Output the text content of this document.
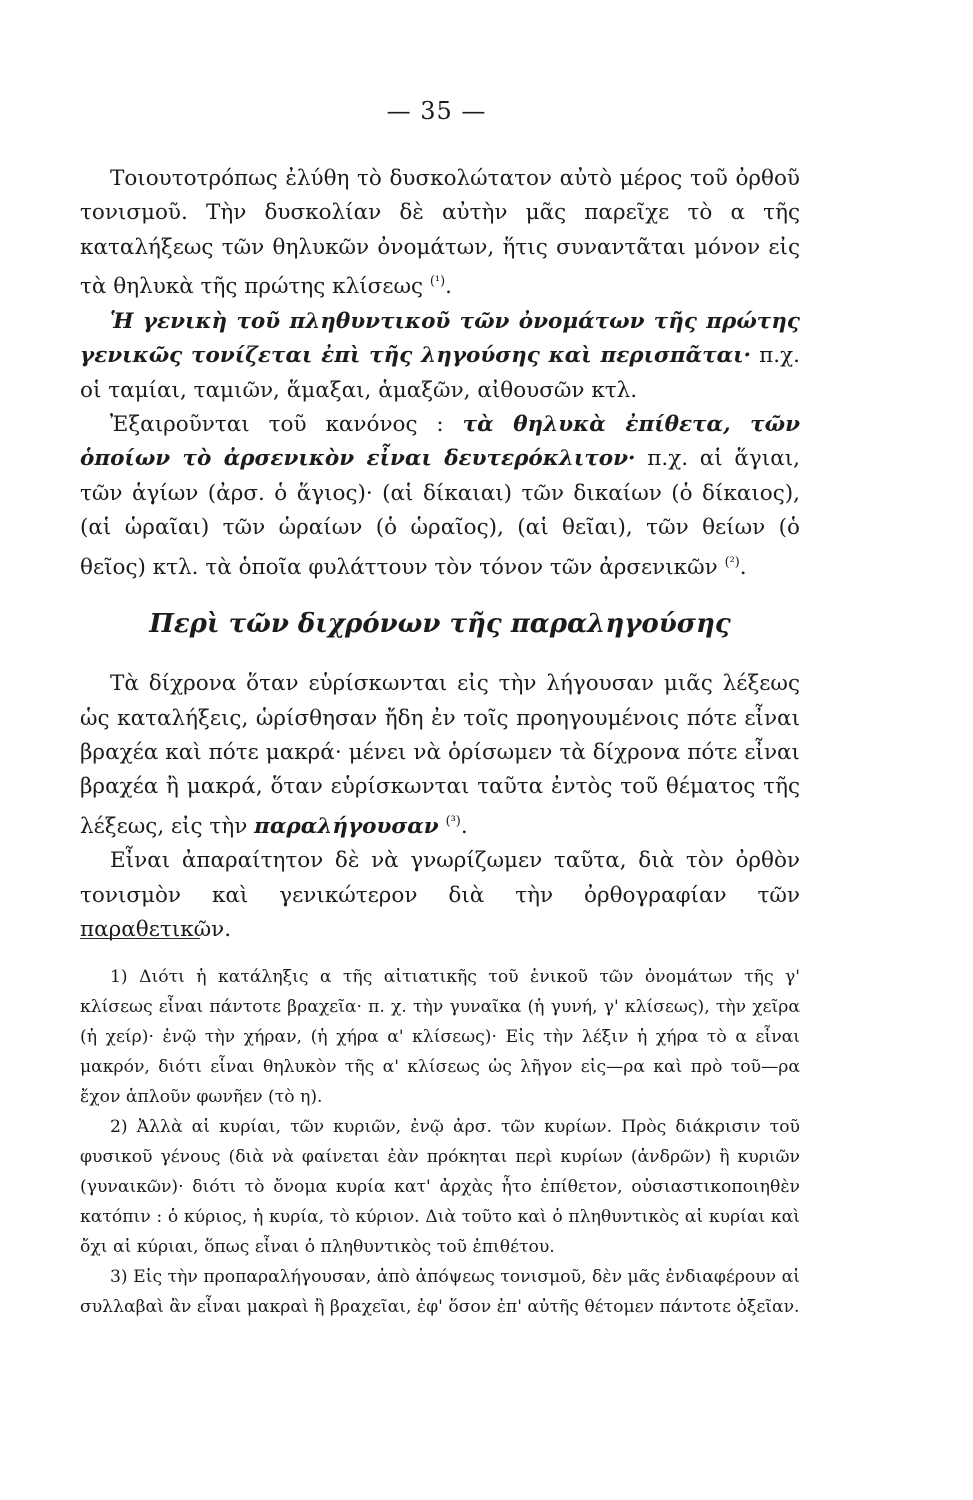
— 35 —

Τοιουτοτρόπως ἐλύθη τὸ δυσκολώτατον αὐτὸ μέρος τοῦ ὀρθοῦ τονισμοῦ. Τὴν δυσκολίαν δὲ αὐτὴν μᾶς παρεῖχε τὸ α τῆς καταλήξεως τῶν θηλυκῶν ὀνομάτων, ἥτις συναντᾶται μόνον εἰς τὰ θηλυκὰ τῆς πρώτης κλίσεως $^{(^1)}$.

Ἡ γενικὴ τοῦ πληθυντικοῦ τῶν ὀνομάτων τῆς πρώτης γενικῶς τονίζεται ἐπὶ τῆς ληγούσης καὶ περισπᾶται· π.χ. οἱ ταμίαι, ταμιῶν, ἅμαξαι, ἁμαξῶν, αἰθουσῶν κτλ.

Ἐξαιροῦνται τοῦ κανόνος : τὰ θηλυκὰ ἐπίθετα, τῶν ὁποίων τὸ ἀρσενικὸν εἶναι δευτερόκλιτον· π.χ. αἱ ἅγιαι, τῶν ἁγίων (ἀρσ. ὁ ἅγιος)· (αἱ δίκαιαι) τῶν δικαίων (ὁ δίκαιος), (αἱ ὡραῖαι) τῶν ὡραίων (ὁ ὡραῖος), (αἱ θεῖαι), τῶν θείων (ὁ θεῖος) κτλ. τὰ ὁποῖα φυλάττουν τὸν τόνον τῶν ἀρσενικῶν $^{(^2)}$.

Περὶ τῶν διχρόνων τῆς παραληγούσης

Τὰ δίχρονα ὅταν εὑρίσκωνται εἰς τὴν λήγουσαν μιᾶς λέξεως ὡς καταλήξεις, ὡρίσθησαν ἤδη ἐν τοῖς προηγουμένοις πότε εἶναι βραχέα καὶ πότε μακρά· μένει νὰ ὁρίσωμεν τὰ δίχρονα πότε εἶναι βραχέα ἢ μακρά, ὅταν εὑρίσκωνται ταῦτα ἐντὸς τοῦ θέματος τῆς λέξεως, εἰς τὴν παραλήγουσαν $^{(^3)}$.

Εἶναι ἀπαραίτητον δὲ νὰ γνωρίζωμεν ταῦτα, διὰ τὸν ὀρθὸν τονισμὸν καὶ γενικώτερον διὰ τὴν ὀρθογραφίαν τῶν παραθετικῶν.

1) Διότι ἡ κατάληξις α τῆς αἰτιατικῆς τοῦ ἑνικοῦ τῶν ὀνομάτων τῆς γ' κλίσεως εἶναι πάντοτε βραχεῖα· π. χ. τὴν γυναῖκα (ἡ γυνή, γ' κλίσεως), τὴν χεῖρα (ἡ χείρ)· ἐνῷ τὴν χήραν, (ἡ χήρα α' κλίσεως)· Εἰς τὴν λέξιν ἡ χήρα τὸ α εἶναι μακρόν, διότι εἶναι θηλυκὸν τῆς α' κλίσεως ὡς λῆγον εἰς—ρα καὶ πρὸ τοῦ—ρα ἔχον ἁπλοῦν φωνῆεν (τὸ η).

2) Ἀλλὰ αἱ κυρίαι, τῶν κυριῶν, ἐνῷ ἀρσ. τῶν κυρίων. Πρὸς διάκρισιν τοῦ φυσικοῦ γένους (διὰ νὰ φαίνεται ἐὰν πρόκηται περὶ κυρίων (ἀνδρῶν) ἢ κυριῶν (γυναικῶν)· διότι τὸ ὄνομα κυρία κατ' ἀρχὰς ἦτο ἐπίθετον, οὐσιαστικοποιηθὲν κατόπιν : ὁ κύριος, ἡ κυρία, τὸ κύριον. Διὰ τοῦτο καὶ ὁ πληθυντικὸς αἱ κυρίαι καὶ ὄχι αἱ κύριαι, ὅπως εἶναι ὁ πληθυντικὸς τοῦ ἐπιθέτου.

3) Εἰς τὴν προπαραλήγουσαν, ἀπὸ ἀπόψεως τονισμοῦ, δὲν μᾶς ἐνδιαφέρουν αἱ συλλαβαὶ ἂν εἶναι μακραὶ ἢ βραχεῖαι, ἐφ' ὅσον ἐπ' αὐτῆς θέτομεν πάντοτε ὀξεῖαν.
